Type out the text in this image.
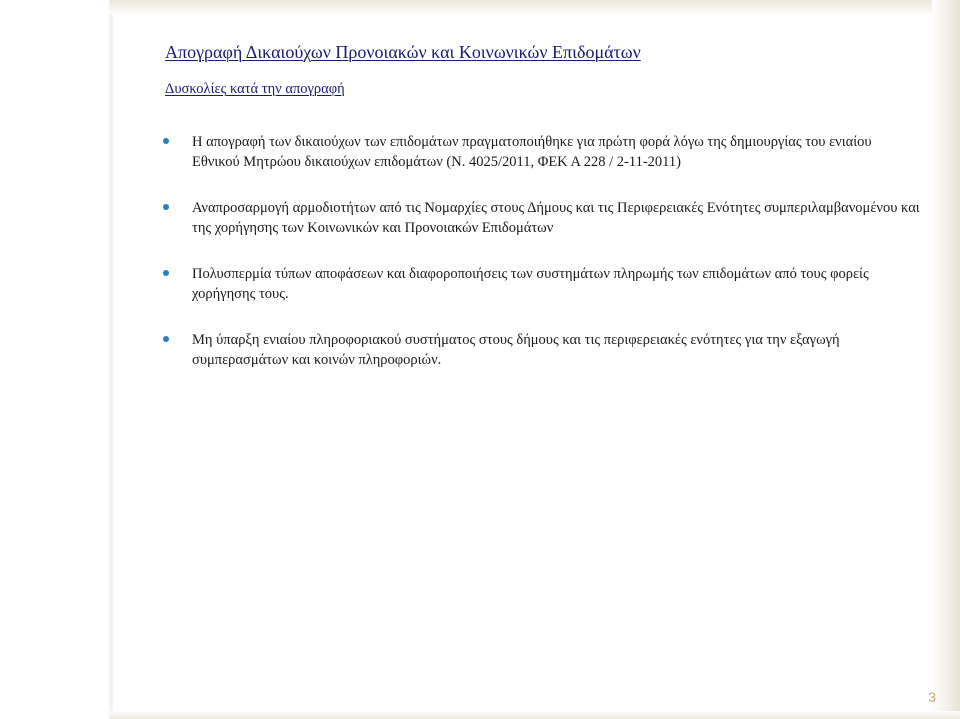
Απογραφή Δικαιούχων Προνοιακών και Κοινωνικών Επιδομάτων
Δυσκολίες κατά την απογραφή
Η απογραφή των δικαιούχων των επιδομάτων πραγματοποιήθηκε για πρώτη φορά λόγω της δημιουργίας του ενιαίου Εθνικού Μητρώου δικαιούχων επιδομάτων (Ν. 4025/2011, ΦΕΚ Α 228 / 2-11-2011)
Αναπροσαρμογή αρμοδιοτήτων από τις Νομαρχίες στους Δήμους και τις Περιφερειακές Ενότητες συμπεριλαμβανομένου και της χορήγησης των Κοινωνικών και Προνοιακών Επιδομάτων
Πολυσπερμία τύπων αποφάσεων και διαφοροποιήσεις των συστημάτων πληρωμής των επιδομάτων από τους φορείς χορήγησης τους.
Μη ύπαρξη ενιαίου πληροφοριακού συστήματος στους δήμους και τις περιφερειακές ενότητες για την εξαγωγή συμπερασμάτων και κοινών πληροφοριών.
3
